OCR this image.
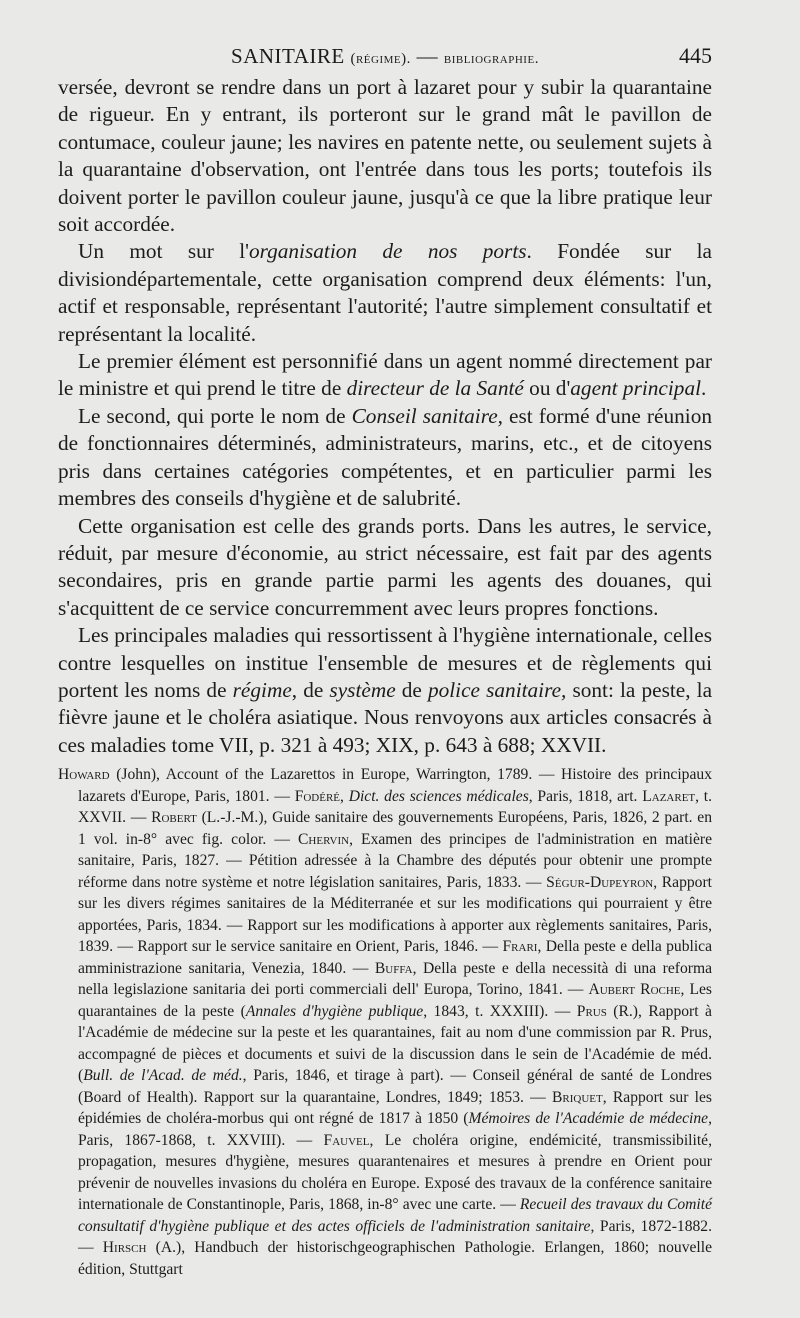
SANITAIRE (régime). — bibliographie.	445

versée, devront se rendre dans un port à lazaret pour y subir la quarantaine de rigueur. En y entrant, ils porteront sur le grand mât le pavillon de contumace, couleur jaune; les navires en patente nette, ou seulement sujets à la quarantaine d'observation, ont l'entrée dans tous les ports; toutefois ils doivent porter le pavillon couleur jaune, jusqu'à ce que la libre pratique leur soit accordée.

Un mot sur l'organisation de nos ports. Fondée sur la divisiondépartementale, cette organisation comprend deux éléments: l'un, actif et responsable, représentant l'autorité; l'autre simplement consultatif et représentant la localité.

Le premier élément est personnifié dans un agent nommé directement par le ministre et qui prend le titre de directeur de la Santé ou d'agent principal.

Le second, qui porte le nom de Conseil sanitaire, est formé d'une réunion de fonctionnaires déterminés, administrateurs, marins, etc., et de citoyens pris dans certaines catégories compétentes, et en particulier parmi les membres des conseils d'hygiène et de salubrité.

Cette organisation est celle des grands ports. Dans les autres, le service, réduit, par mesure d'économie, au strict nécessaire, est fait par des agents secondaires, pris en grande partie parmi les agents des douanes, qui s'acquittent de ce service concurremment avec leurs propres fonctions.

Les principales maladies qui ressortissent à l'hygiène internationale, celles contre lesquelles on institue l'ensemble de mesures et de règlements qui portent les noms de régime, de système de police sanitaire, sont: la peste, la fièvre jaune et le choléra asiatique. Nous renvoyons aux articles consacrés à ces maladies tome VII, p. 321 à 493; XIX, p. 643 à 688; XXVII.

Howard (John), Account of the Lazarettos in Europe, Warrington, 1789. — Histoire des principaux lazarets d'Europe, Paris, 1801. — Fodéré, Dict. des sciences médicales, Paris, 1818, art. Lazaret, t. XXVII. — Robert (L.-J.-M.), Guide sanitaire des gouvernements Européens, Paris, 1826, 2 part. en 1 vol. in-8° avec fig. color. — Chervin, Examen des principes de l'administration en matière sanitaire, Paris, 1827. — Pétition adressée à la Chambre des députés pour obtenir une prompte réforme dans notre système et notre législation sanitaires, Paris, 1833. — Ségur-Dupeyron, Rapport sur les divers régimes sanitaires de la Méditerranée et sur les modifications qui pourraient y être apportées, Paris, 1834. — Rapport sur les modifications à apporter aux règlements sanitaires, Paris, 1839. — Rapport sur le service sanitaire en Orient, Paris, 1846. — Frari, Della peste e della publica amministrazione sanitaria, Venezia, 1840. — Buffa, Della peste e della necessità di una reforma nella legislazione sanitaria dei porti commerciali dell' Europa, Torino, 1841. — Aubert Roche, Les quarantaines de la peste (Annales d'hygiène publique, 1843, t. XXXIII). — Prus (R.), Rapport à l'Académie de médecine sur la peste et les quarantaines, fait au nom d'une commission par R. Prus, accompagné de pièces et documents et suivi de la discussion dans le sein de l'Académie de méd. (Bull. de l'Acad. de méd., Paris, 1846, et tirage à part). — Conseil général de santé de Londres (Board of Health). Rapport sur la quarantaine, Londres, 1849; 1853. — Briquet, Rapport sur les épidémies de choléra-morbus qui ont régné de 1817 à 1850 (Mémoires de l'Académie de médecine, Paris, 1867-1868, t. XXVIII). — Fauvel, Le choléra origine, endémicité, transmissibilité, propagation, mesures d'hygiène, mesures quarantenaires et mesures à prendre en Orient pour prévenir de nouvelles invasions du choléra en Europe. Exposé des travaux de la conférence sanitaire internationale de Constantinople, Paris, 1868, in-8° avec une carte. — Recueil des travaux du Comité consultatif d'hygiène publique et des actes officiels de l'administration sanitaire, Paris, 1872-1882. — Hirsch (A.), Handbuch der historischgeographischen Pathologie. Erlangen, 1860; nouvelle édition, Stuttgart
